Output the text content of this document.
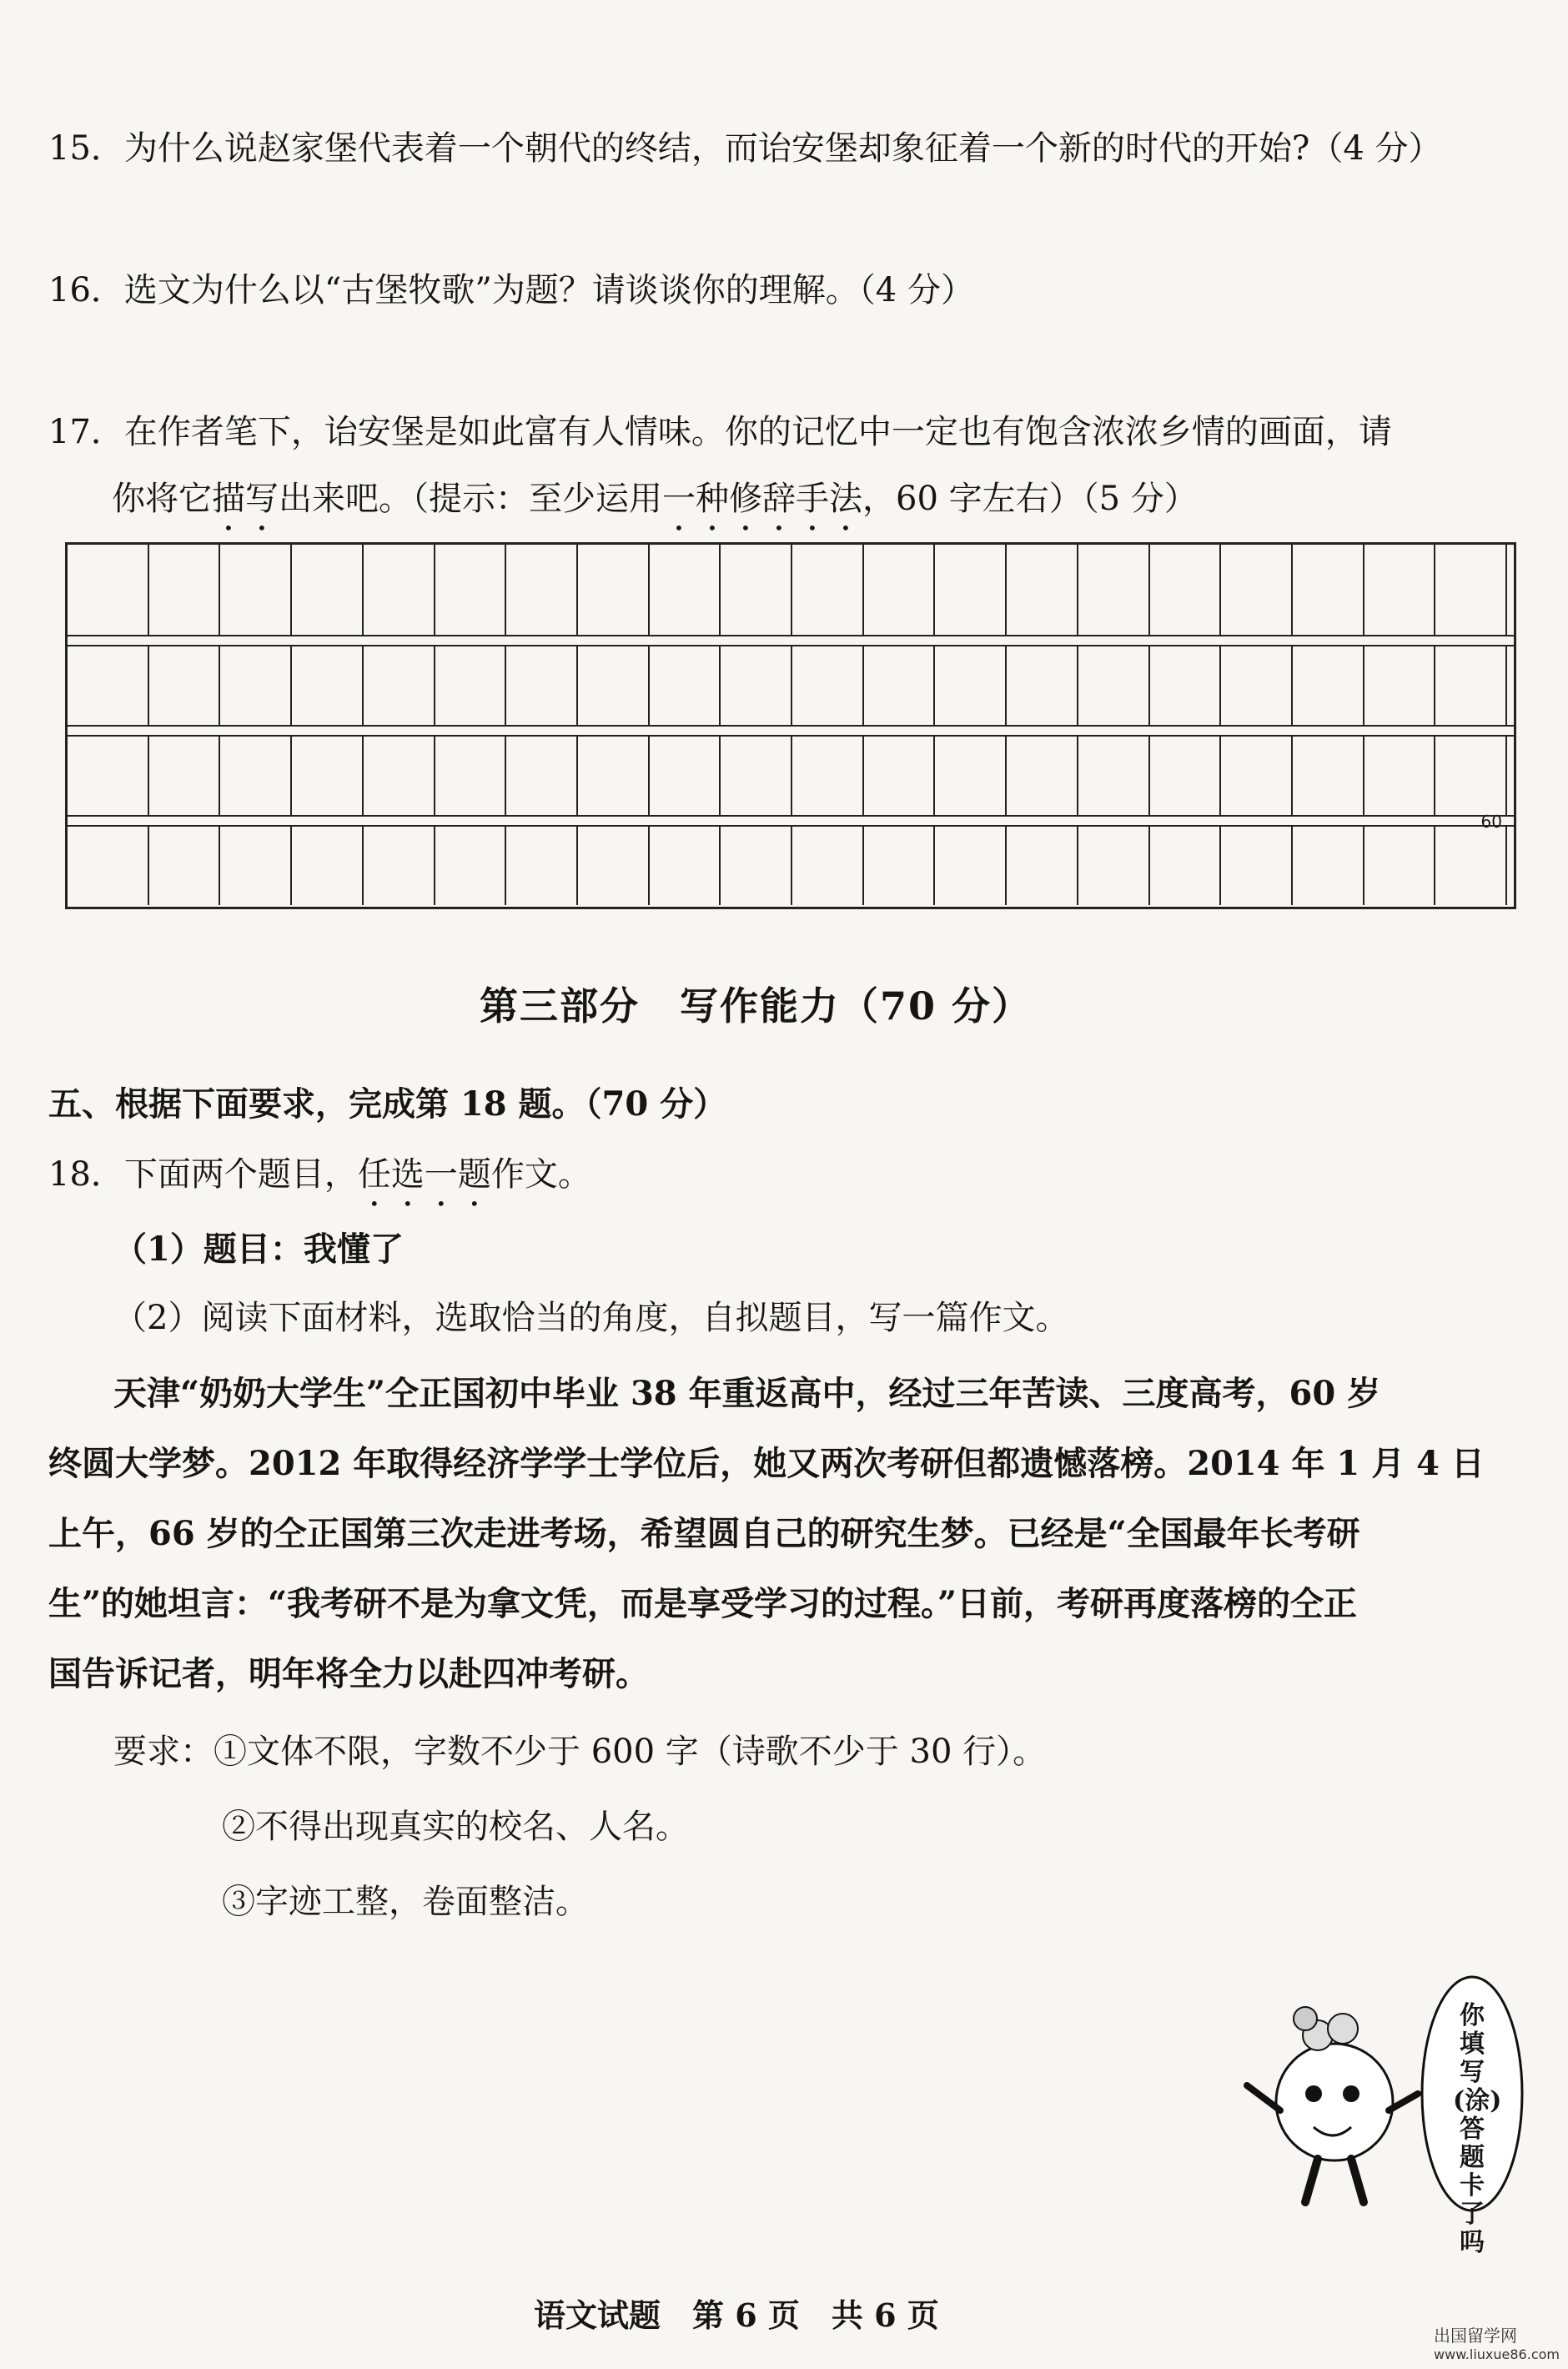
15．为什么说赵家堡代表着一个朝代的终结，而诒安堡却象征着一个新的时代的开始?（4 分）
16．选文为什么以“古堡牧歌”为题？请谈谈你的理解。（4 分）
17．在作者笔下，诒安堡是如此富有人情味。你的记忆中一定也有饱含浓浓乡情的画面，请
你将它描写出来吧。（提示：至少运用一种修辞手法，60 字左右）（5 分）
60
第三部分　写作能力（70 分）
五、根据下面要求，完成第 18 题。（70 分）
18．下面两个题目，任选一题作文。
（1）题目：我懂了
（2）阅读下面材料，选取恰当的角度，自拟题目，写一篇作文。
天津“奶奶大学生”仝正国初中毕业 38 年重返高中，经过三年苦读、三度高考，60 岁
终圆大学梦。2012 年取得经济学学士学位后，她又两次考研但都遗憾落榜。2014 年 1 月 4 日
上午，66 岁的仝正国第三次走进考场，希望圆自己的研究生梦。已经是“全国最年长考研
生”的她坦言：“我考研不是为拿文凭，而是享受学习的过程。”日前，考研再度落榜的仝正
国告诉记者，明年将全力以赴四冲考研。
要求：①文体不限，字数不少于 600 字（诗歌不少于 30 行）。
②不得出现真实的校名、人名。
③字迹工整，卷面整洁。
你填写(涂)答题卡了吗
语文试题　第 6 页　共 6 页
出国留学网
www.liuxue86.com
